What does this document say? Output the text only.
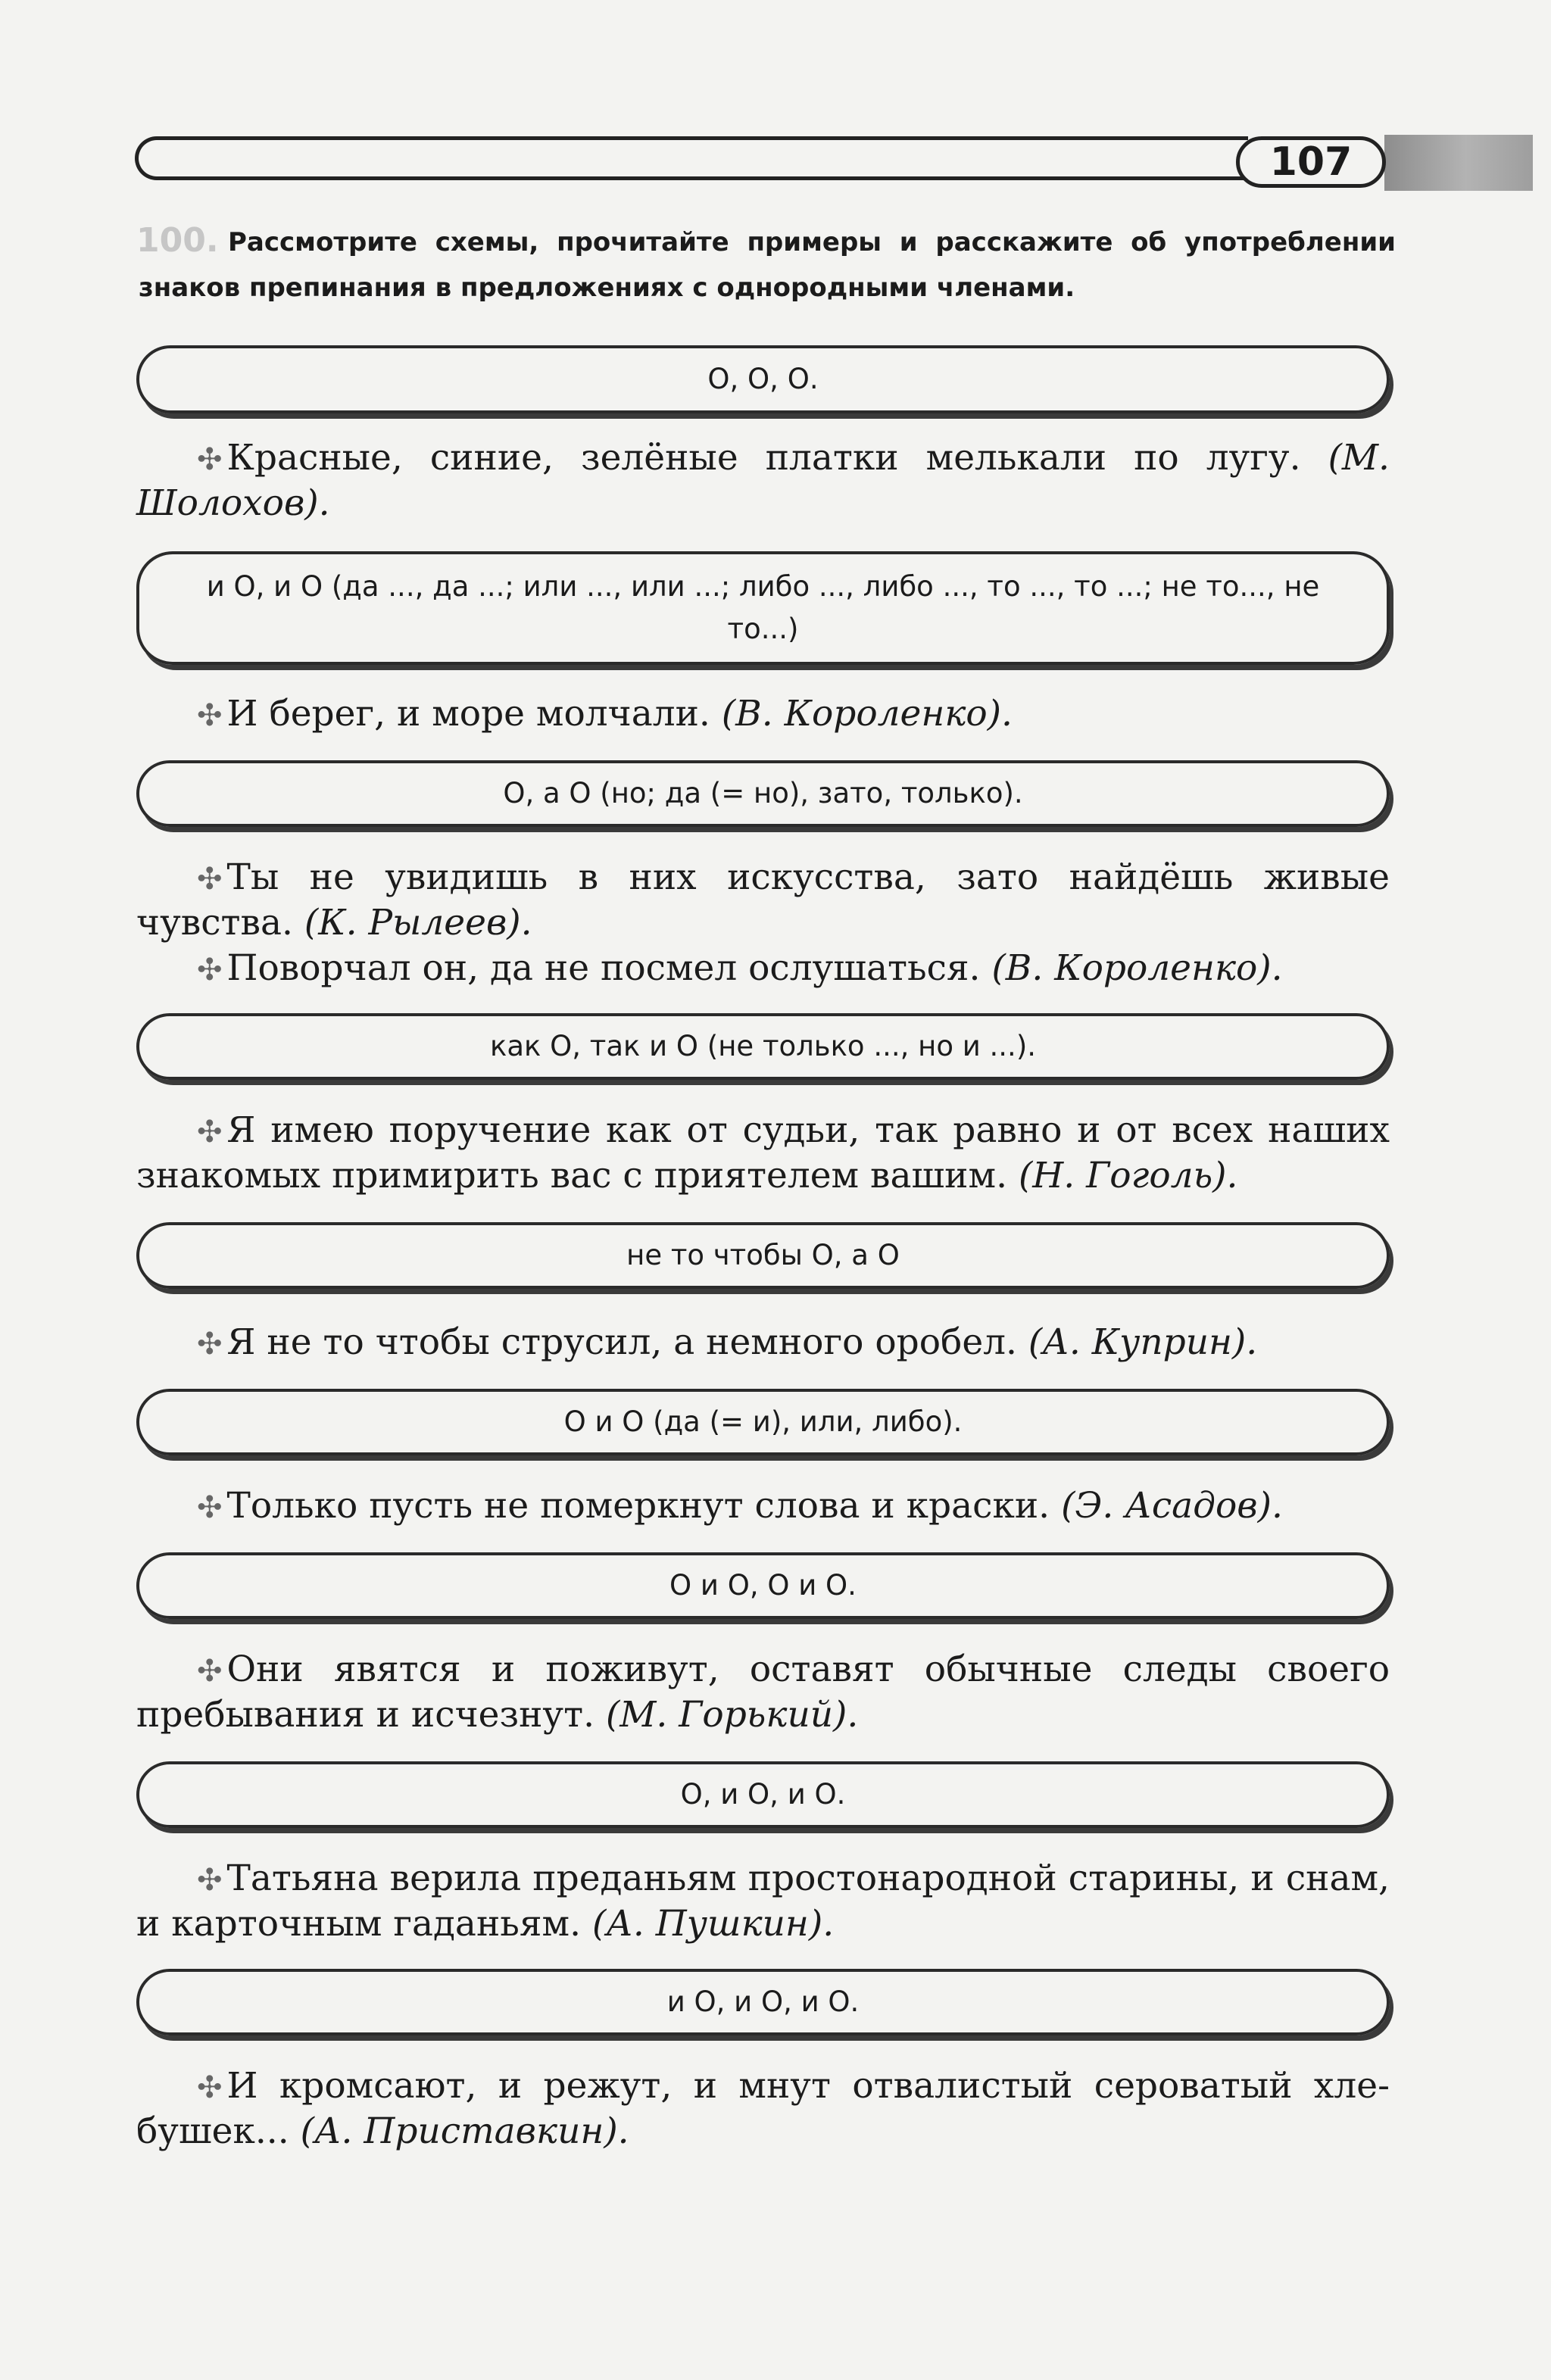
107
100. Рассмотрите схемы, прочитайте примеры и расскажите об употреблении знаков препинания в предложениях с однородными членами.

О, О, О.

✣ Красные, синие, зелёные платки мелькали по лугу. (М. Шолохов).

и О, и О (да ..., да ...; или ..., или ...; либо ..., либо ..., то ..., то ...; не то..., не то...)

✣ И берег, и море молчали. (В. Короленко).

О, а О (но; да (= но), зато, только).

✣ Ты не увидишь в них искусства, зато найдёшь живые чувства. (К. Рылеев).

✣ Поворчал он, да не посмел ослушаться. (В. Короленко).

как О, так и О (не только ..., но и ...).

✣ Я имею поручение как от судьи, так равно и от всех наших знакомых примирить вас с приятелем вашим. (Н. Гоголь).

не то чтобы О, а О

✣ Я не то чтобы струсил, а немного оробел. (А. Куприн).

О и О (да (= и), или, либо).

✣ Только пусть не померкнут слова и краски. (Э. Асадов).

О и О, О и О.

✣ Они явятся и поживут, оставят обычные следы своего пребывания и исчезнут. (М. Горький).

О, и О, и О.

✣ Татьяна верила преданьям простонародной старины, и снам, и карточным гаданьям. (А. Пушкин).

и О, и О, и О.

✣ И кромсают, и режут, и мнут отвалистый сероватый хлебушек... (А. Приставкин).
